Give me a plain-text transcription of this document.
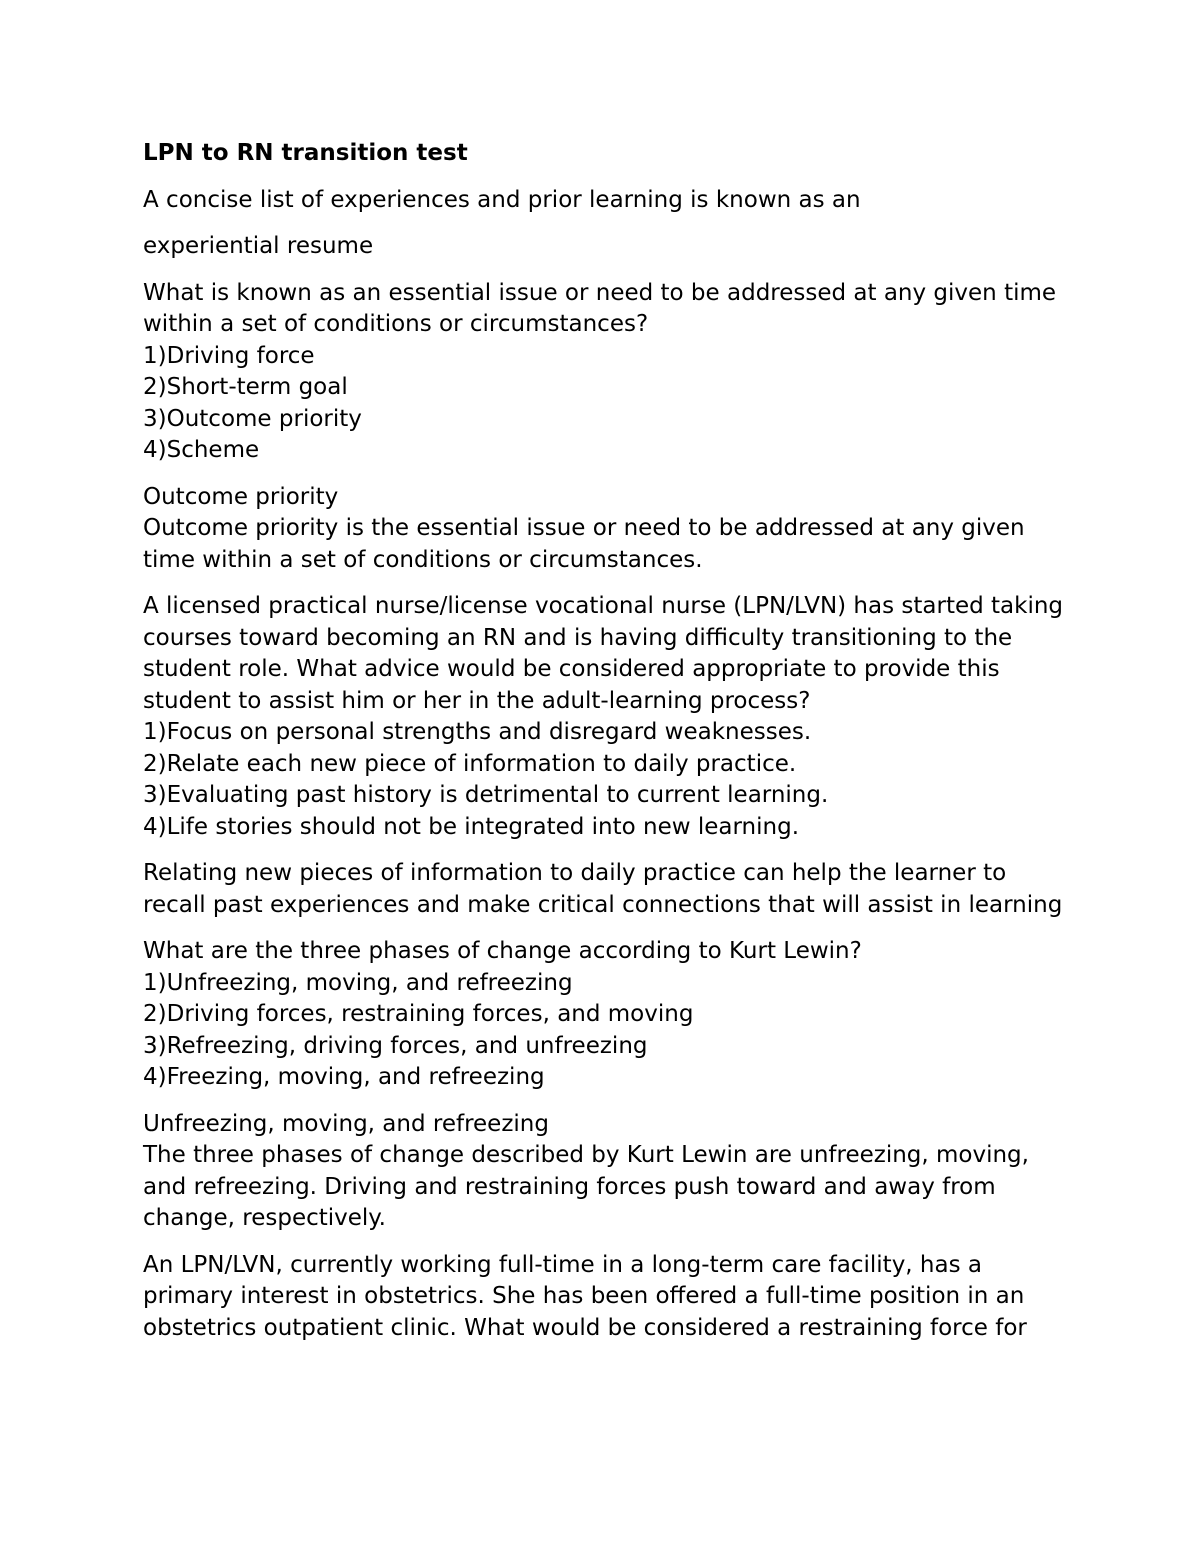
LPN to RN transition test

A concise list of experiences and prior learning is known as an

experiential resume

What is known as an essential issue or need to be addressed at any given time within a set of conditions or circumstances?
1)Driving force
2)Short-term goal
3)Outcome priority
4)Scheme

Outcome priority
Outcome priority is the essential issue or need to be addressed at any given time within a set of conditions or circumstances.

A licensed practical nurse/license vocational nurse (LPN/LVN) has started taking courses toward becoming an RN and is having difficulty transitioning to the student role. What advice would be considered appropriate to provide this student to assist him or her in the adult-learning process?
1)Focus on personal strengths and disregard weaknesses.
2)Relate each new piece of information to daily practice.
3)Evaluating past history is detrimental to current learning.
4)Life stories should not be integrated into new learning.

Relating new pieces of information to daily practice can help the learner to recall past experiences and make critical connections that will assist in learning

What are the three phases of change according to Kurt Lewin?
1)Unfreezing, moving, and refreezing
2)Driving forces, restraining forces, and moving
3)Refreezing, driving forces, and unfreezing
4)Freezing, moving, and refreezing

Unfreezing, moving, and refreezing
The three phases of change described by Kurt Lewin are unfreezing, moving, and refreezing. Driving and restraining forces push toward and away from change, respectively.

An LPN/LVN, currently working full-time in a long-term care facility, has a primary interest in obstetrics. She has been offered a full-time position in an obstetrics outpatient clinic. What would be considered a restraining force for
